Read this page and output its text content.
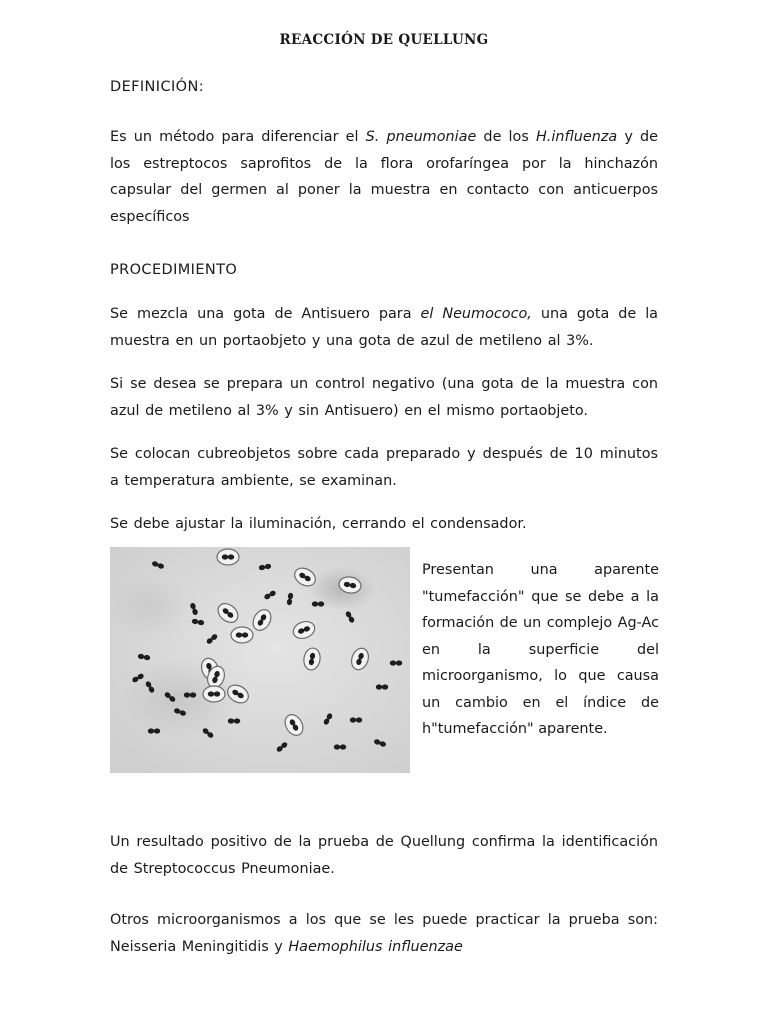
REACCIÓN DE QUELLUNG
DEFINICIÓN:

Es un método para diferenciar el S. pneumoniae de los H.influenza y de los estreptocos saprofitos de la flora orofaríngea por la hinchazón capsular del germen al poner la muestra en contacto con anticuerpos específicos

PROCEDIMIENTO

Se mezcla una gota de Antisuero para el Neumococo, una gota de la muestra en un portaobjeto y una gota de azul de metileno al 3%.

Si se desea se prepara un control negativo (una gota de la muestra con azul de metileno al 3% y sin Antisuero) en el mismo portaobjeto.

Se colocan cubreobjetos sobre cada preparado y después de 10 minutos a temperatura ambiente, se examinan.

Se debe ajustar la iluminación, cerrando el condensador.

Presentan una aparente "tumefacción" que se debe a la formación de un complejo Ag-Ac en la superficie del microorganismo, lo que causa un cambio en el índice de
h"tumefacción" aparente.

Un resultado positivo de la prueba de Quellung confirma la identificación de Streptococcus Pneumoniae.

Otros microorganismos a los que se les puede practicar la prueba son: Neisseria Meningitidis y Haemophilus influenzae
